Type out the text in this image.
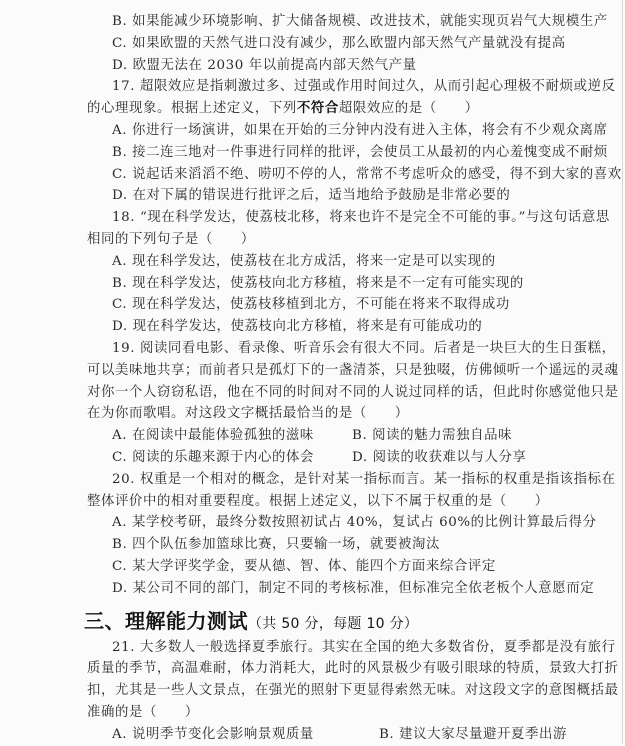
B. 如果能减少环境影响、扩大储备规模、改进技术，就能实现页岩气大规模生产
C. 如果欧盟的天然气进口没有减少，那么欧盟内部天然气产量就没有提高
D. 欧盟无法在 2030 年以前提高内部天然气产量
17. 超限效应是指刺激过多、过强或作用时间过久，从而引起心理极不耐烦或逆反
的心理现象。根据上述定义，下列不符合超限效应的是（　　）
A. 你进行一场演讲，如果在开始的三分钟内没有进入主体，将会有不少观众离席
B. 接二连三地对一件事进行同样的批评，会使员工从最初的内心羞愧变成不耐烦
C. 说起话来滔滔不绝、唠叨不停的人，常常不考虑听众的感受，得不到大家的喜欢
D. 在对下属的错误进行批评之后，适当地给予鼓励是非常必要的
18. “现在科学发达，使荔枝北移，将来也许不是完全不可能的事。”与这句话意思
相同的下列句子是（　　）
A. 现在科学发达，使荔枝在北方成活，将来一定是可以实现的
B. 现在科学发达，使荔枝向北方移植，将来是不一定有可能实现的
C. 现在科学发达，使荔枝移植到北方，不可能在将来不取得成功
D. 现在科学发达，使荔枝向北方移植，将来是有可能成功的
19. 阅读同看电影、看录像、听音乐会有很大不同。后者是一块巨大的生日蛋糕，
可以美味地共享；而前者只是孤灯下的一盏清茶，只是独啜，仿佛倾听一个遥远的灵魂
对你一个人窃窃私语，他在不同的时间对不同的人说过同样的话，但此时你感觉他只是
在为你而歌唱。对这段文字概括最恰当的是（　　）
A. 在阅读中最能体验孤独的滋味	B. 阅读的魅力需独自品味
C. 阅读的乐趣来源于内心的体会	D. 阅读的收获难以与人分享
20. 权重是一个相对的概念，是针对某一指标而言。某一指标的权重是指该指标在
整体评价中的相对重要程度。根据上述定义，以下不属于权重的是（　　）
A. 某学校考研，最终分数按照初试占 40%，复试占 60%的比例计算最后得分
B. 四个队伍参加篮球比赛，只要输一场，就要被淘汰
C. 某大学评奖学金，要从德、智、体、能四个方面来综合评定
D. 某公司不同的部门，制定不同的考核标准，但标准完全依老板个人意愿而定
三、理解能力测试（共 50 分，每题 10 分）
21. 大多数人一般选择夏季旅行。其实在全国的绝大多数省份，夏季都是没有旅行
质量的季节，高温难耐，体力消耗大，此时的风景极少有吸引眼球的特质，景致大打折
扣，尤其是一些人文景点，在强光的照射下更显得索然无味。对这段文字的意图概括最
准确的是（　　）
A. 说明季节变化会影响景观质量	B. 建议大家尽量避开夏季出游
